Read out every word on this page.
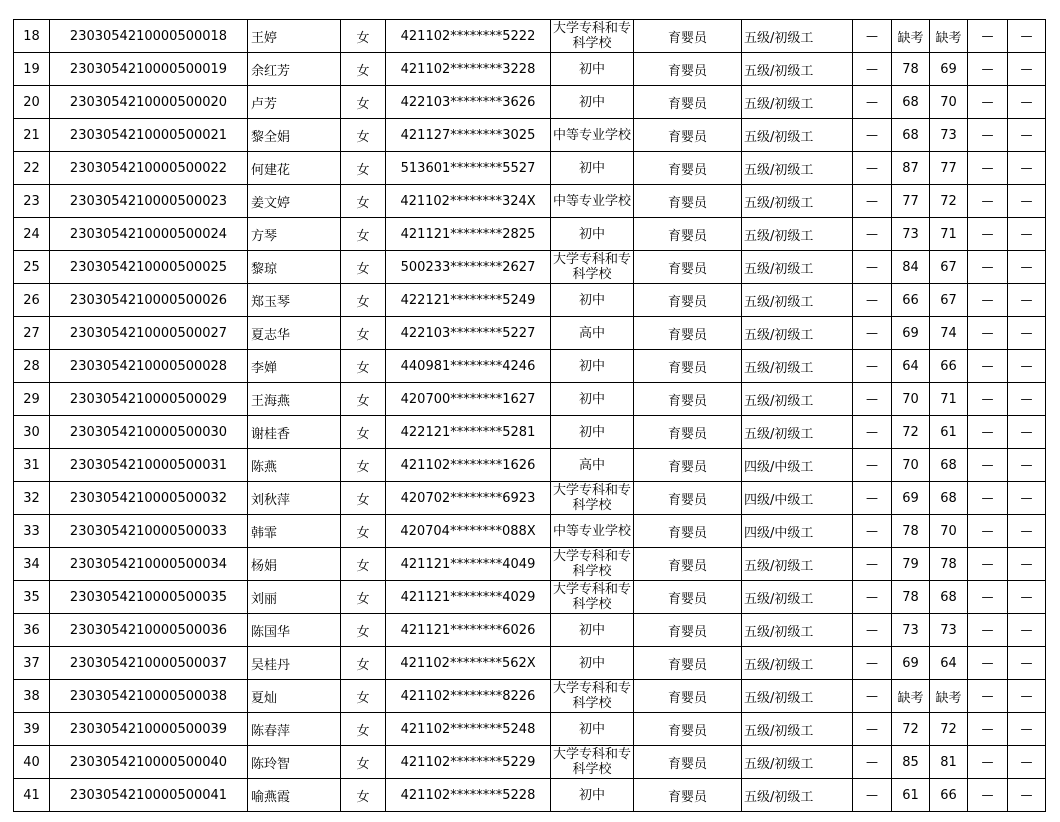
18	2303054210000500018	王婷	女	421102********5222	大学专科和专科学校	育婴员	五级/初级工	—	缺考	缺考	—	—
19	2303054210000500019	余红芳	女	421102********3228	初中	育婴员	五级/初级工	—	78	69	—	—
20	2303054210000500020	卢芳	女	422103********3626	初中	育婴员	五级/初级工	—	68	70	—	—
21	2303054210000500021	黎全娟	女	421127********3025	中等专业学校	育婴员	五级/初级工	—	68	73	—	—
22	2303054210000500022	何建花	女	513601********5527	初中	育婴员	五级/初级工	—	87	77	—	—
23	2303054210000500023	姜文婷	女	421102********324X	中等专业学校	育婴员	五级/初级工	—	77	72	—	—
24	2303054210000500024	方琴	女	421121********2825	初中	育婴员	五级/初级工	—	73	71	—	—
25	2303054210000500025	黎琼	女	500233********2627	大学专科和专科学校	育婴员	五级/初级工	—	84	67	—	—
26	2303054210000500026	郑玉琴	女	422121********5249	初中	育婴员	五级/初级工	—	66	67	—	—
27	2303054210000500027	夏志华	女	422103********5227	高中	育婴员	五级/初级工	—	69	74	—	—
28	2303054210000500028	李婵	女	440981********4246	初中	育婴员	五级/初级工	—	64	66	—	—
29	2303054210000500029	王海燕	女	420700********1627	初中	育婴员	五级/初级工	—	70	71	—	—
30	2303054210000500030	谢桂香	女	422121********5281	初中	育婴员	五级/初级工	—	72	61	—	—
31	2303054210000500031	陈燕	女	421102********1626	高中	育婴员	四级/中级工	—	70	68	—	—
32	2303054210000500032	刘秋萍	女	420702********6923	大学专科和专科学校	育婴员	四级/中级工	—	69	68	—	—
33	2303054210000500033	韩霏	女	420704********088X	中等专业学校	育婴员	四级/中级工	—	78	70	—	—
34	2303054210000500034	杨娟	女	421121********4049	大学专科和专科学校	育婴员	五级/初级工	—	79	78	—	—
35	2303054210000500035	刘丽	女	421121********4029	大学专科和专科学校	育婴员	五级/初级工	—	78	68	—	—
36	2303054210000500036	陈国华	女	421121********6026	初中	育婴员	五级/初级工	—	73	73	—	—
37	2303054210000500037	吴桂丹	女	421102********562X	初中	育婴员	五级/初级工	—	69	64	—	—
38	2303054210000500038	夏灿	女	421102********8226	大学专科和专科学校	育婴员	五级/初级工	—	缺考	缺考	—	—
39	2303054210000500039	陈春萍	女	421102********5248	初中	育婴员	五级/初级工	—	72	72	—	—
40	2303054210000500040	陈玲智	女	421102********5229	大学专科和专科学校	育婴员	五级/初级工	—	85	81	—	—
41	2303054210000500041	喻燕霞	女	421102********5228	初中	育婴员	五级/初级工	—	61	66	—	—
